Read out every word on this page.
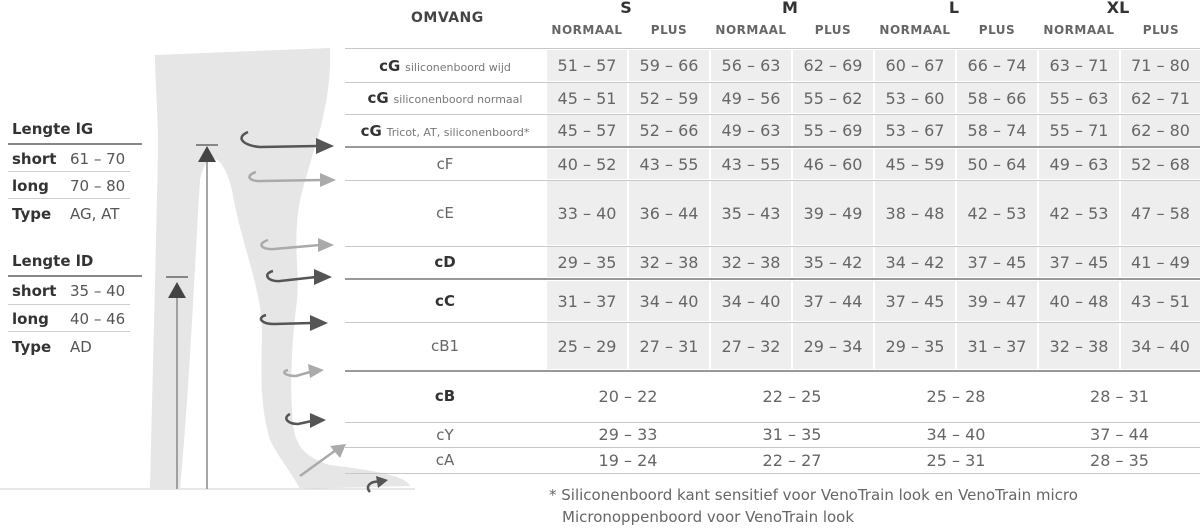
Lengte lG
short 61 – 70
long 70 – 80
Type AG, AT
Lengte lD
short 35 – 40
long 40 – 46
Type AD
OMVANG
S	M	L	XL
NORMAAL	PLUS	NORMAAL	PLUS	NORMAAL	PLUS	NORMAAL	PLUS
cG siliconenboord wijd	51 – 57	59 – 66	56 – 63	62 – 69	60 – 67	66 – 74	63 – 71	71 – 80
cG siliconenboord normaal	45 – 51	52 – 59	49 – 56	55 – 62	53 – 60	58 – 66	55 – 63	62 – 71
cG Tricot, AT, siliconenboord*	45 – 57	52 – 66	49 – 63	55 – 69	53 – 67	58 – 74	55 – 71	62 – 80
cF	40 – 52	43 – 55	43 – 55	46 – 60	45 – 59	50 – 64	49 – 63	52 – 68
cE	33 – 40	36 – 44	35 – 43	39 – 49	38 – 48	42 – 53	42 – 53	47 – 58
cD	29 – 35	32 – 38	32 – 38	35 – 42	34 – 42	37 – 45	37 – 45	41 – 49
cC	31 – 37	34 – 40	34 – 40	37 – 44	37 – 45	39 – 47	40 – 48	43 – 51
cB1	25 – 29	27 – 31	27 – 32	29 – 34	29 – 35	31 – 37	32 – 38	34 – 40
cB	20 – 22	22 – 25	25 – 28	28 – 31
cY	29 – 33	31 – 35	34 – 40	37 – 44
cA	19 – 24	22 – 27	25 – 31	28 – 35
* Siliconenboord kant sensitief voor VenoTrain look en VenoTrain micro
Micronoppenboord voor VenoTrain look
